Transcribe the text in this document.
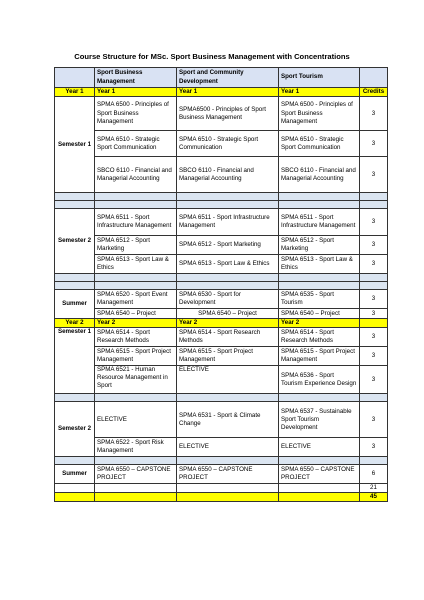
Course Structure for MSc. Sport Business Management with Concentrations
	Sport Business Management	Sport and Community Development	Sport Tourism	
Year 1	Year 1	Year 1	Year 1	Credits
Semester 1	SPMA 6500 - Principles of Sport Business Management	SPMA6500 - Principles of Sport Business Management	SPMA 6500 - Principles of Sport Business Management	3
	SPMA 6510 - Strategic Sport Communication	SPMA 6510 - Strategic Sport Communication	SPMA 6510 - Strategic Sport Communication	3
	SBCO 6110 - Financial and Managerial Accounting	SBCO 6110 - Financial and Managerial Accounting	SBCO 6110 - Financial and Managerial Accounting	3

Semester 2	SPMA 6511 - Sport Infrastructure Management	SPMA 6511 - Sport Infrastructure Management	SPMA 6511 - Sport Infrastructure Management	3
	SPMA 6512 - Sport Marketing	SPMA 6512 - Sport Marketing	SPMA 6512 - Sport Marketing	3
	SPMA 6513 - Sport Law & Ethics	SPMA 6513 - Sport Law & Ethics	SPMA 6513 - Sport Law & Ethics	3

Summer	SPMA 6520 - Sport Event Management	SPMA 6530 - Sport for Development	SPMA 6535 - Sport Tourism	3
	SPMA 6540 – Project	SPMA 6540 – Project	SPMA 6540 – Project	3
Year 2	Year 2	Year 2	Year 2	
Semester 1	SPMA 6514 - Sport Research Methods	SPMA 6514 - Sport Research Methods	SPMA 6514 - Sport Research Methods	3
	SPMA 6515 - Sport Project Management	SPMA 6515 - Sport Project Management	SPMA 6515 - Sport Project Management	3
	SPMA 6521 - Human Resource Management in Sport	ELECTIVE	SPMA 6536 - Sport Tourism Experience Design	3

Semester 2	ELECTIVE	SPMA 6531 - Sport & Climate Change	SPMA 6537 - Sustainable Sport Tourism Development	3
	SPMA 6522 - Sport Risk Management	ELECTIVE	ELECTIVE	3

Summer	SPMA 6550 – CAPSTONE PROJECT	SPMA 6550 – CAPSTONE PROJECT	SPMA 6550 – CAPSTONE PROJECT	6
				21
				45
